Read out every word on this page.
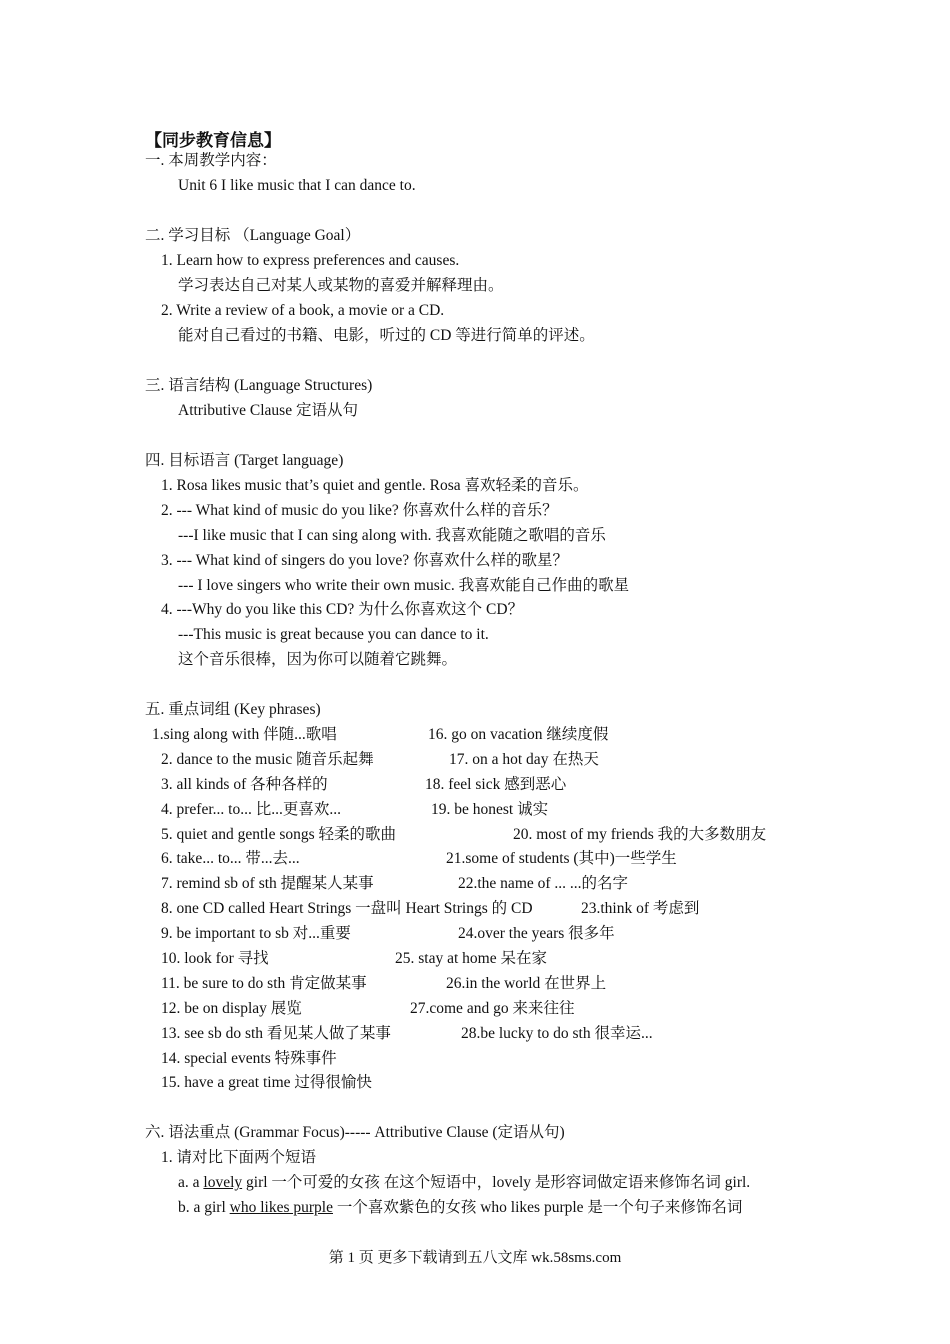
【同步教育信息】
一. 本周教学内容：
Unit 6 I like music that I can dance to.
二. 学习目标 （Language Goal）
1. Learn how to express preferences and causes.
学习表达自己对某人或某物的喜爱并解释理由。
2. Write a review of a book, a movie or a CD.
能对自己看过的书籍、电影，听过的 CD 等进行简单的评述。
三. 语言结构 (Language Structures)
Attributive Clause 定语从句
四. 目标语言 (Target language)
1. Rosa likes music that’s quiet and gentle. Rosa 喜欢轻柔的音乐。
2. --- What kind of music do you like? 你喜欢什么样的音乐？
---I like music that I can sing along with. 我喜欢能随之歌唱的音乐
3. --- What kind of singers do you love? 你喜欢什么样的歌星？
--- I love singers who write their own music. 我喜欢能自己作曲的歌星
4. ---Why do you like this CD? 为什么你喜欢这个 CD？
---This music is great because you can dance to it.
这个音乐很棒，因为你可以随着它跳舞。
五. 重点词组 (Key phrases)
1.sing along with 伴随...歌唱
2. dance to the music 随音乐起舞
3. all kinds of 各种各样的
4. prefer... to... 比...更喜欢...
5. quiet and gentle songs 轻柔的歌曲
6. take... to... 带...去...
7. remind sb of sth 提醒某人某事
8. one CD called Heart Strings 一盘叫 Heart Strings 的 CD
9. be important to sb 对...重要
10. look for 寻找
11. be sure to do sth 肯定做某事
12. be on display 展览
13. see sb do sth 看见某人做了某事
14. special events 特殊事件
15. have a great time 过得很愉快
16. go on vacation 继续度假
17. on a hot day 在热天
18. feel sick 感到恶心
19. be honest 诚实
20. most of my friends 我的大多数朋友
21.some of students (其中)一些学生
22.the name of ... ...的名字
23.think of 考虑到
24.over the years 很多年
25. stay at home 呆在家
26.in the world 在世界上
27.come and go 来来往往
28.be lucky to do sth 很幸运...
六. 语法重点 (Grammar Focus)----- Attributive Clause (定语从句)
1. 请对比下面两个短语
a. a lovely girl 一个可爱的女孩 在这个短语中，lovely 是形容词做定语来修饰名词 girl.
b. a girl who likes purple 一个喜欢紫色的女孩 who likes purple 是一个句子来修饰名词
第 1 页 更多下载请到五八文库 wk.58sms.com
